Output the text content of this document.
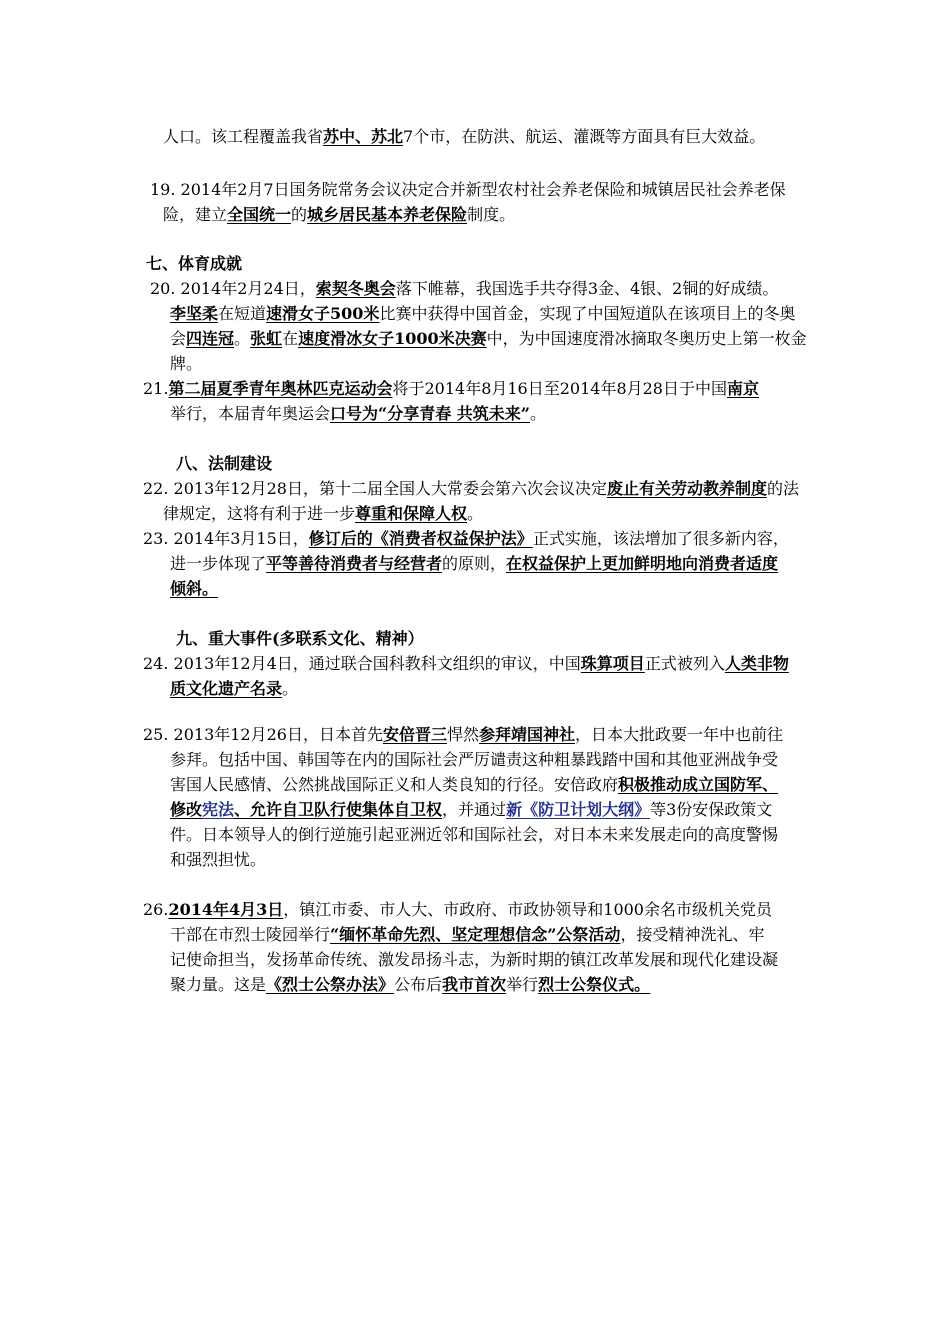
人口。该工程覆盖我省苏中、苏北7个市，在防洪、航运、灌溉等方面具有巨大效益。
19. 2014年2月7日国务院常务会议决定合并新型农村社会养老保险和城镇居民社会养老保
险，建立全国统一的城乡居民基本养老保险制度。
七、体育成就
20. 2014年2月24日，索契冬奥会落下帷幕，我国选手共夺得3金、4银、2铜的好成绩。
李坚柔在短道速滑女子500米比赛中获得中国首金，实现了中国短道队在该项目上的冬奥
会四连冠。张虹在速度滑冰女子1000米决赛中，为中国速度滑冰摘取冬奥历史上第一枚金
牌。
21.第二届夏季青年奥林匹克运动会将于2014年8月16日至2014年8月28日于中国南京
举行，本届青年奥运会口号为“分享青春 共筑未来”。
八、法制建设
22. 2013年12月28日，第十二届全国人大常委会第六次会议决定废止有关劳动教养制度的法
律规定，这将有利于进一步尊重和保障人权。
23. 2014年3月15日，修订后的《消费者权益保护法》正式实施，该法增加了很多新内容，
进一步体现了平等善待消费者与经营者的原则，在权益保护上更加鲜明地向消费者适度
倾斜。
九、重大事件(多联系文化、精神）
24. 2013年12月4日，通过联合国科教科文组织的审议，中国珠算项目正式被列入人类非物
质文化遗产名录。
25. 2013年12月26日，日本首先安倍晋三悍然参拜靖国神社，日本大批政要一年中也前往
参拜。包括中国、韩国等在内的国际社会严厉谴责这种粗暴践踏中国和其他亚洲战争受
害国人民感情、公然挑战国际正义和人类良知的行径。安倍政府积极推动成立国防军、
修改宪法、允许自卫队行使集体自卫权，并通过新《防卫计划大纲》等3份安保政策文
件。日本领导人的倒行逆施引起亚洲近邻和国际社会，对日本未来发展走向的高度警惕
和强烈担忧。
26.2014年4月3日，镇江市委、市人大、市政府、市政协领导和1000余名市级机关党员
干部在市烈士陵园举行“缅怀革命先烈、坚定理想信念”公祭活动，接受精神洗礼、牢
记使命担当，发扬革命传统、激发昂扬斗志，为新时期的镇江改革发展和现代化建设凝
聚力量。这是《烈士公祭办法》公布后我市首次举行烈士公祭仪式。
